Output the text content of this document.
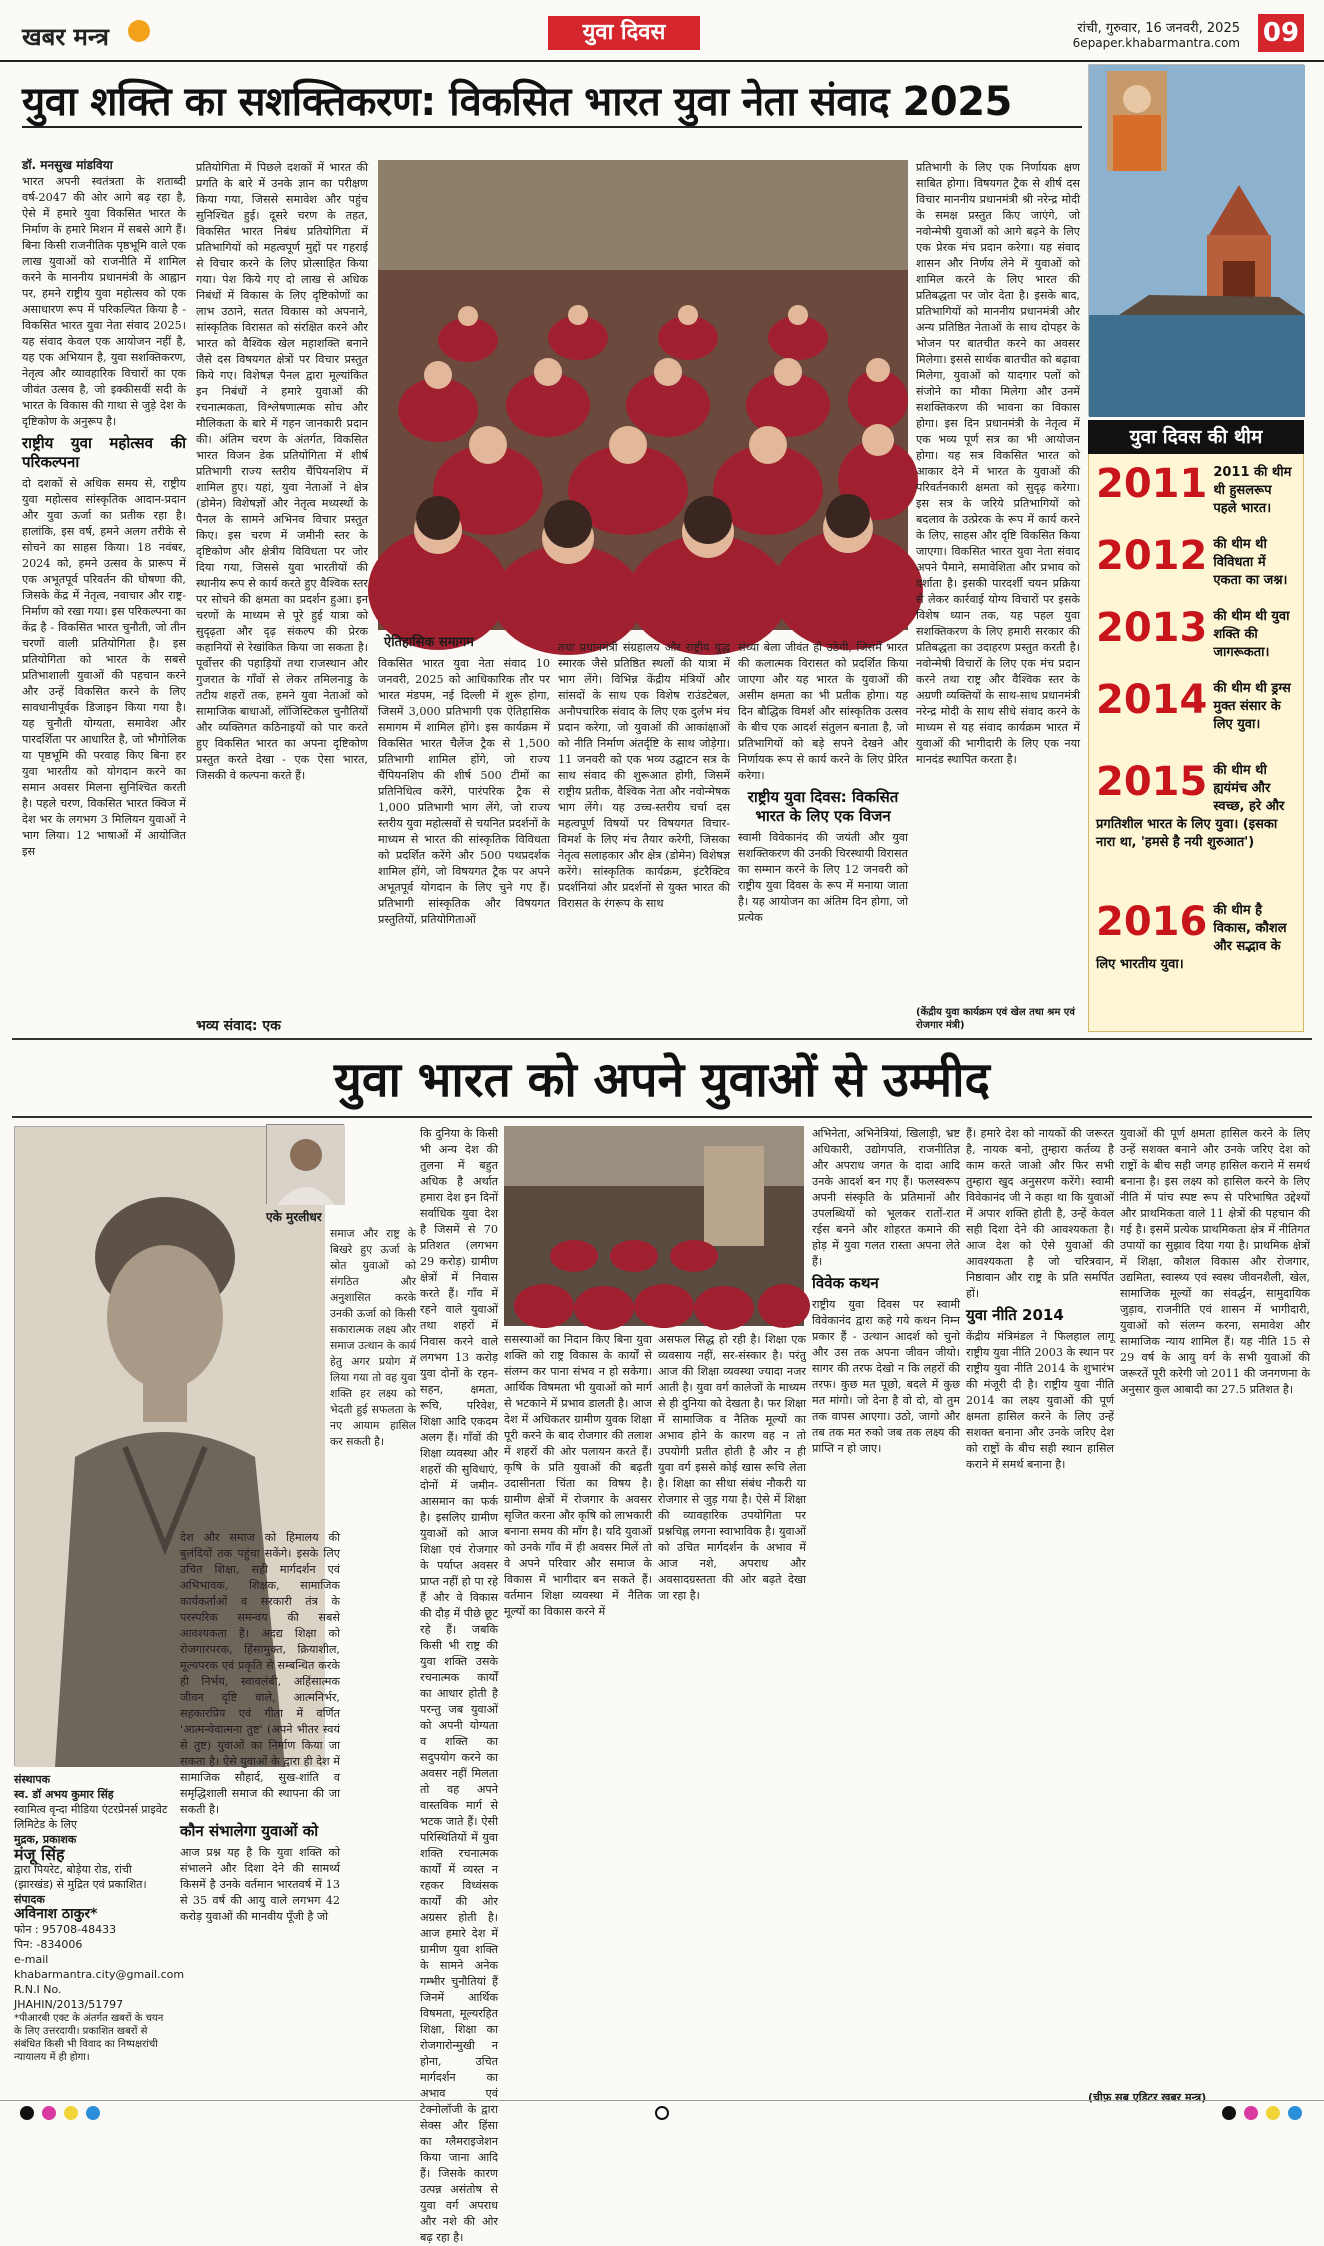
खबर मन्त्र	युवा दिवस	रांची, गुरुवार, 16 जनवरी, 2025
6epaper.khabarmantra.com 09
युवा शक्ति का सशक्तिकरण: विकसित भारत युवा नेता संवाद 2025
डॉ. मनसुख मांडविया

भारत अपनी स्वतंत्रता के शताब्दी वर्ष-2047 की ओर आगे बढ़ रहा है, ऐसे में हमारे युवा विकसित भारत के निर्माण के हमारे मिशन में सबसे आगे हैं। बिना किसी राजनीतिक पृष्ठभूमि वाले एक लाख युवाओं को राजनीति में शामिल करने के माननीय प्रधानमंत्री के आह्वान पर, हमने राष्ट्रीय युवा महोत्सव को एक असाधारण रूप में परिकल्पित किया है - विकसित भारत युवा नेता संवाद 2025। यह संवाद केवल एक आयोजन नहीं है, यह एक अभियान है, युवा सशक्तिकरण, नेतृत्व और व्यावहारिक विचारों का एक जीवंत उत्सव है, जो इक्कीसवीं सदी के भारत के विकास की गाथा से जुड़े देश के दृष्टिकोण के अनुरूप है।

राष्ट्रीय युवा महोत्सव की परिकल्पना

दो दशकों से अधिक समय से, राष्ट्रीय युवा महोत्सव सांस्कृतिक आदान-प्रदान और युवा ऊर्जा का प्रतीक रहा है। हालांकि, इस वर्ष, हमने अलग तरीके से सोचने का साहस किया। 18 नवंबर, 2024 को, हमने उत्सव के प्रारूप में एक अभूतपूर्व परिवर्तन की घोषणा की, जिसके केंद्र में नेतृत्व, नवाचार और राष्ट्र-निर्माण को रखा गया। इस परिकल्पना का केंद्र है - विकसित भारत चुनौती, जो तीन चरणों वाली प्रतियोगिता है। इस प्रतियोगिता को भारत के सबसे प्रतिभाशाली युवाओं की पहचान करने और उन्हें विकसित करने के लिए सावधानीपूर्वक डिजाइन किया गया है। यह चुनौती योग्यता, समावेश और पारदर्शिता पर आधारित है, जो भौगोलिक या पृष्ठभूमि की परवाह किए बिना हर युवा भारतीय को योगदान करने का समान अवसर मिलना सुनिश्चित करती है। पहले चरण, विकसित भारत क्विज में देश भर के लगभग 3 मिलियन युवाओं ने भाग लिया। 12 भाषाओं में आयोजित इस

प्रतियोगिता में पिछले दशकों में भारत की प्रगति के बारे में उनके ज्ञान का परीक्षण किया गया, जिससे समावेश और पहुंच सुनिश्चित हुई। दूसरे चरण के तहत, विकसित भारत निबंध प्रतियोगिता में प्रतिभागियों को महत्वपूर्ण मुद्दों पर गहराई से विचार करने के लिए प्रोत्साहित किया गया। पेश किये गए दो लाख से अधिक निबंधों में विकास के लिए दृष्टिकोणों का लाभ उठाने, सतत विकास को अपनाने, सांस्कृतिक विरासत को संरक्षित करने और भारत को वैश्विक खेल महाशक्ति बनाने जैसे दस विषयगत क्षेत्रों पर विचार प्रस्तुत किये गए। विशेषज्ञ पैनल द्वारा मूल्यांकित इन निबंधों ने हमारे युवाओं की रचनात्मकता, विश्लेषणात्मक सोच और मौलिकता के बारे में गहन जानकारी प्रदान की। अंतिम चरण के अंतर्गत, विकसित भारत विजन डेक प्रतियोगिता में शीर्ष प्रतिभागी राज्य स्तरीय चैंपियनशिप में शामिल हुए। यहां, युवा नेताओं ने क्षेत्र (डोमेन) विशेषज्ञों और नेतृत्व मध्यस्थों के पैनल के सामने अभिनव विचार प्रस्तुत किए। इस चरण में जमीनी स्तर के दृष्टिकोण और क्षेत्रीय विविधता पर जोर दिया गया, जिससे युवा भारतीयों की स्थानीय रूप से कार्य करते हुए वैश्विक स्तर पर सोचने की क्षमता का प्रदर्शन हुआ। इन चरणों के माध्यम से पूरे हुई यात्रा को सुदृढ़ता और दृढ़ संकल्प की प्रेरक कहानियों से रेखांकित किया जा सकता है। पूर्वोत्तर की पहाड़ियों तथा राजस्थान और गुजरात के गाँवों से लेकर तमिलनाडु के तटीय शहरों तक, हमने युवा नेताओं को सामाजिक बाधाओं, लॉजिस्टिकल चुनौतियों और व्यक्तिगत कठिनाइयों को पार करते हुए विकसित भारत का अपना दृष्टिकोण प्रस्तुत करते देखा - एक ऐसा भारत, जिसकी वे कल्पना करते हैं।

भव्य संवाद: एक
ऐतिहासिक समागम

विकसित भारत युवा नेता संवाद 10 जनवरी, 2025 को आधिकारिक तौर पर भारत मंडपम, नई दिल्ली में शुरू होगा, जिसमें 3,000 प्रतिभागी एक ऐतिहासिक समागम में शामिल होंगे। इस कार्यक्रम में विकसित भारत चैलेंज ट्रैक से 1,500 प्रतिभागी शामिल होंगे, जो राज्य चैंपियनशिप की शीर्ष 500 टीमों का प्रतिनिधित्व करेंगे, पारंपरिक ट्रैक से 1,000 प्रतिभागी भाग लेंगे, जो राज्य स्तरीय युवा महोत्सवों से चयनित प्रदर्शनों के माध्यम से भारत की सांस्कृतिक विविधता को प्रदर्शित करेंगे और 500 पथप्रदर्शक शामिल होंगे, जो विषयगत ट्रैक पर अपने अभूतपूर्व योगदान के लिए चुने गए हैं। प्रतिभागी सांस्कृतिक और विषयगत प्रस्तुतियों, प्रतियोगिताओं

तथा प्रधानमंत्री संग्रहालय और राष्ट्रीय युद्ध स्मारक जैसे प्रतिष्ठित स्थलों की यात्रा में भाग लेंगे। विभिन्न केंद्रीय मंत्रियों और सांसदों के साथ एक विशेष राउंडटेबल, अनौपचारिक संवाद के लिए एक दुर्लभ मंच प्रदान करेगा, जो युवाओं की आकांक्षाओं को नीति निर्माण अंतर्दृष्टि के साथ जोड़ेगा। 11 जनवरी को एक भव्य उद्घाटन सत्र के साथ संवाद की शुरूआत होगी, जिसमें राष्ट्रीय प्रतीक, वैश्विक नेता और नवोन्मेषक भाग लेंगे। यह उच्च-स्तरीय चर्चा दस महत्वपूर्ण विषयों पर विषयगत विचार-विमर्श के लिए मंच तैयार करेगी, जिसका नेतृत्व सलाहकार और क्षेत्र (डोमेन) विशेषज्ञ करेंगे। सांस्कृतिक कार्यक्रम, इंटरैक्टिव प्रदर्शनियां और प्रदर्शनों से युक्त भारत की विरासत के रंगरूप के साथ

संध्या बेला जीवंत हो उठेगी, जिसमें भारत की कलात्मक विरासत को प्रदर्शित किया जाएगा और यह भारत के युवाओं की असीम क्षमता का भी प्रतीक होगा। यह दिन बौद्धिक विमर्श और सांस्कृतिक उत्सव के बीच एक आदर्श संतुलन बनाता है, जो प्रतिभागियों को बड़े सपने देखने और निर्णायक रूप से कार्य करने के लिए प्रेरित करेगा।

राष्ट्रीय युवा दिवस: विकसित भारत के लिए एक विजन

स्वामी विवेकानंद की जयंती और युवा सशक्तिकरण की उनकी चिरस्थायी विरासत का सम्मान करने के लिए 12 जनवरी को राष्ट्रीय युवा दिवस के रूप में मनाया जाता है। यह आयोजन का अंतिम दिन होगा, जो प्रत्येक

प्रतिभागी के लिए एक निर्णायक क्षण साबित होगा। विषयगत ट्रैक से शीर्ष दस विचार माननीय प्रधानमंत्री श्री नरेन्द्र मोदी के समक्ष प्रस्तुत किए जाएंगे, जो नवोन्मेषी युवाओं को आगे बढ़ने के लिए एक प्रेरक मंच प्रदान करेगा। यह संवाद शासन और निर्णय लेने में युवाओं को शामिल करने के लिए भारत की प्रतिबद्धता पर जोर देता है। इसके बाद, प्रतिभागियों को माननीय प्रधानमंत्री और अन्य प्रतिष्ठित नेताओं के साथ दोपहर के भोजन पर बातचीत करने का अवसर मिलेगा। इससे सार्थक बातचीत को बढ़ावा मिलेगा, युवाओं को यादगार पलों को संजोने का मौका मिलेगा और उनमें सशक्तिकरण की भावना का विकास होगा। इस दिन प्रधानमंत्री के नेतृत्व में एक भव्य पूर्ण सत्र का भी आयोजन होगा। यह सत्र विकसित भारत को आकार देने में भारत के युवाओं की परिवर्तनकारी क्षमता को सुदृढ़ करेगा। इस सत्र के जरिये प्रतिभागियों को बदलाव के उत्प्रेरक के रूप में कार्य करने के लिए, साहस और दृष्टि विकसित किया जाएगा। विकसित भारत युवा नेता संवाद अपने पैमाने, समावेशिता और प्रभाव को दर्शाता है। इसकी पारदर्शी चयन प्रक्रिया से लेकर कार्रवाई योग्य विचारों पर इसके विशेष ध्यान तक, यह पहल युवा सशक्तिकरण के लिए हमारी सरकार की प्रतिबद्धता का उदाहरण प्रस्तुत करती है। नवोन्मेषी विचारों के लिए एक मंच प्रदान करने तथा राष्ट्र और वैश्विक स्तर के अग्रणी व्यक्तियों के साथ-साथ प्रधानमंत्री नरेन्द्र मोदी के साथ सीधे संवाद करने के माध्यम से यह संवाद कार्यक्रम भारत में युवाओं की भागीदारी के लिए एक नया मानदंड स्थापित करता है।

(केंद्रीय युवा कार्यक्रम एवं खेल तथा श्रम एवं रोजगार मंत्री)
युवा दिवस की थीम
2011 2011 की थीम थी हुसलरूप पहले भारत।
2012 की थीम थी विविधता में एकता का जश्न।
2013 की थीम थी युवा शक्ति की जागरूकता।
2014 की थीम थी ड्रग्स मुक्त संसार के लिए युवा।
2015 की थीम थी ह्ययंमंच और स्वच्छ, हरे और प्रगतिशील भारत के लिए युवा। (इसका नारा था, 'हमसे है नयी शुरुआत')
2016 की थीम है विकास, कौशल और सद्भाव के लिए भारतीय युवा।
युवा भारत को अपने युवाओं से उम्मीद
एके मुरलीधर

समाज और राष्ट्र के बिखरे हुए ऊर्जा के स्रोत युवाओं को संगठित और अनुशासित करके उनकी ऊर्जा को किसी सकारात्मक लक्ष्य और समाज उत्थान के कार्य हेतु अगर प्रयोग में लिया गया तो वह युवा शक्ति हर लक्ष्य को भेदती हुई सफलता के नए आयाम हासिल कर सकती है।

देश और समाज को हिमालय की बुलंदियों तक पहुंचा सकेंगे। इसके लिए उचित शिक्षा, सही मार्गदर्शन एवं अभिभावक, शिक्षक, सामाजिक कार्यकर्ताओं व सरकारी तंत्र के परस्परिक समन्वय की सबसे आवश्यकता है। अदद्य शिक्षा को रोजगारपरक, हिंसामुक्त, क्रियाशील, मूल्यपरक एवं प्रकृति से सम्बन्धित करके ही निर्भय, स्वावलंबी, अहिंसात्मक जीवन दृष्टि वाले, आत्मनिर्भर, सहकारप्रिय एवं गीता में वर्णित 'आत्मन्येवात्मना तुष्ट' (अपने भीतर स्वयं से तुष्ट) युवाओं का निर्माण किया जा सकता है। ऐसे युवाओं के द्वारा ही देश में सामाजिक सौहार्द, सुख-शांति व समृद्धिशाली समाज की स्थापना की जा सकती है।

कौन संभालेगा युवाओं को

आज प्रश्न यह है कि युवा शक्ति को संभालने और दिशा देने की सामर्थ्य किसमें है उनके वर्तमान भारतवर्ष में 13 से 35 वर्ष की आयु वाले लगभग 42 करोड़ युवाओं की मानवीय पूँजी है जो

कि दुनिया के किसी भी अन्य देश की तुलना में बहुत अधिक है अर्थात हमारा देश इन दिनों सर्वाधिक युवा देश है जिसमें से 70 प्रतिशत (लगभग 29 करोड़) ग्रामीण क्षेत्रों में निवास करते हैं। गाँव में रहने वाले युवाओं तथा शहरों में निवास करने वाले लगभग 13 करोड़ युवा दोनों के रहन-सहन, क्षमता, रूचि, परिवेश, शिक्षा आदि एकदम अलग हैं। गाँवों की शिक्षा व्यवस्था और शहरों की सुविधाएं, दोनों में जमीन-आसमान का फर्क है। इसलिए ग्रामीण युवाओं को आज शिक्षा एवं रोजगार के पर्याप्त अवसर प्राप्त नहीं हो पा रहे हैं और वे विकास की दौड़ में पीछे छूट रहे हैं। जबकि किसी भी राष्ट्र की युवा शक्ति उसके रचनात्मक कार्यों का आधार होती है परन्तु जब युवाओं को अपनी योग्यता व शक्ति का सदुपयोग करने का अवसर नहीं मिलता तो वह अपने वास्तविक मार्ग से भटक जाते हैं। ऐसी परिस्थितियों में युवा शक्ति रचनात्मक कार्यों में व्यस्त न रहकर विध्वंसक कार्यों की ओर अग्रसर होती है। आज हमारे देश में ग्रामीण युवा शक्ति के सामने अनेक गम्भीर चुनौतियां हैं जिनमें आर्थिक विषमता, मूल्यरहित शिक्षा, शिक्षा का रोजगारोन्मुखी न होना, उचित मार्गदर्शन का अभाव एवं टेक्नोलॉजी के द्वारा सेक्स और हिंसा का ग्लैमराइजेशन किया जाना आदि हैं। जिसके कारण उत्पन्न असंतोष से युवा वर्ग अपराध और नशे की ओर बढ़ रहा है।

ससस्याओं का निदान किए बिना युवा शक्ति को राष्ट्र विकास के कार्यों से संलग्न कर पाना संभव न हो सकेगा। आर्थिक विषमता भी युवाओं को मार्ग से भटकाने में प्रभाव डालती है। आज देश में अधिकतर ग्रामीण युवक शिक्षा पूरी करने के बाद रोजगार की तलाश में शहरों की ओर पलायन करते हैं। कृषि के प्रति युवाओं की बढ़ती उदासीनता चिंता का विषय है। ग्रामीण क्षेत्रों में रोजगार के अवसर सृजित करना और कृषि को लाभकारी बनाना समय की माँग है। यदि युवाओं को उनके गाँव में ही अवसर मिलें तो वे अपने परिवार और समाज के विकास में भागीदार बन सकते हैं। वर्तमान शिक्षा व्यवस्था में नैतिक मूल्यों का विकास करने में

असफल सिद्ध हो रही है। शिक्षा एक व्यवसाय नहीं, सर-संस्कार है। परंतु आज की शिक्षा व्यवस्था ज्यादा नजर आती है। युवा वर्ग कालेजों के माध्यम से ही दुनिया को देखता है। फर शिक्षा में सामाजिक व नैतिक मूल्यों का अभाव होने के कारण वह न तो उपयोगी प्रतीत होती है और न ही युवा वर्ग इससे कोई खास रूचि लेता है। शिक्षा का सीधा संबंध नौकरी या रोजगार से जुड़ गया है। ऐसे में शिक्षा की व्यावहारिक उपयोगिता पर प्रश्नचिह्न लगना स्वाभाविक है। युवाओं को उचित मार्गदर्शन के अभाव में आज नशे, अपराध और अवसादग्रस्तता की ओर बढ़ते देखा जा रहा है।

अभिनेता, अभिनेत्रियां, खिलाड़ी, भ्रष्ट अधिकारी, उद्योगपति, राजनीतिज्ञ और अपराध जगत के दादा आदि उनके आदर्श बन गए हैं। फलस्वरूप अपनी संस्कृति के प्रतिमानों और उपलब्धियों को भूलकर रातों-रात रईस बनने और शोहरत कमाने की होड़ में युवा गलत रास्ता अपना लेते हैं।

विवेक कथन

राष्ट्रीय युवा दिवस पर स्वामी विवेकानंद द्वारा कहे गये कथन निम्न प्रकार हैं - उत्थान आदर्श को चुनो और उस तक अपना जीवन जीयो। सागर की तरफ देखो न कि लहरों की तरफ। कुछ मत पूछो, बदले में कुछ मत मांगो। जो देना है वो दो, वो तुम तक वापस आएगा। उठो, जागो और तब तक मत रुको जब तक लक्ष्य की प्राप्ति न हो जाए।

हैं। हमारे देश को नायकों की जरूरत है, नायक बनो, तुम्हारा कर्तव्य है काम करते जाओ और फिर सभी तुम्हारा खुद अनुसरण करेंगे। स्वामी विवेकानंद जी ने कहा था कि युवाओं में अपार शक्ति होती है, उन्हें केवल सही दिशा देने की आवश्यकता है। आज देश को ऐसे युवाओं की आवश्यकता है जो चरित्रवान, निष्ठावान और राष्ट्र के प्रति समर्पित हों।

युवा नीति 2014

केंद्रीय मंत्रिमंडल ने फिलहाल लागू राष्ट्रीय युवा नीति 2003 के स्थान पर राष्ट्रीय युवा नीति 2014 के शुभारंभ की मंजूरी दी है। राष्ट्रीय युवा नीति 2014 का लक्ष्य युवाओं की पूर्ण क्षमता हासिल करने के लिए उन्हें सशक्त बनाना और उनके जरिए देश को राष्ट्रों के बीच सही स्थान हासिल कराने में समर्थ बनाना है।

युवाओं की पूर्ण क्षमता हासिल करने के लिए उन्हें सशक्त बनाने और उनके जरिए देश को राष्ट्रों के बीच सही जगह हासिल कराने में समर्थ बनाना है। इस लक्ष्य को हासिल करने के लिए नीति में पांच स्पष्ट रूप से परिभाषित उद्देश्यों और प्राथमिकता वाले 11 क्षेत्रों की पहचान की गई है। इसमें प्रत्येक प्राथमिकता क्षेत्र में नीतिगत उपायों का सुझाव दिया गया है। प्राथमिक क्षेत्रों में शिक्षा, कौशल विकास और रोजगार, उद्यमिता, स्वास्थ्य एवं स्वस्थ जीवनशैली, खेल, सामाजिक मूल्यों का संवर्द्धन, सामुदायिक जुड़ाव, राजनीति एवं शासन में भागीदारी, युवाओं को संलग्न करना, समावेश और सामाजिक न्याय शामिल हैं। यह नीति 15 से 29 वर्ष के आयु वर्ग के सभी युवाओं की जरूरतें पूरी करेगी जो 2011 की जनगणना के अनुसार कुल आबादी का 27.5 प्रतिशत है।

(चीफ़ सब एडिटर खबर मन्त्र)
संस्थापक
स्व. डॉ अभय कुमार सिंह
स्वामित्व वृन्दा मीडिया एंटरप्रेनर्स प्राइवेट लिमिटेड के लिए
मुद्रक, प्रकाशक
मंजू सिंह
द्वारा पियरेट, बोड़ेया रोड, रांची (झारखंड) से मुद्रित एवं प्रकाशित।
संपादक
अविनाश ठाकुर*
फोन : 95708-48433
पिन: -834006
e-mail
khabarmantra.city@gmail.com
R.N.I No.
JHAHIN/2013/51797
*पीआरबी एक्ट के अंतर्गत खबरों के चयन के लिए उत्तरदायी। प्रकाशित खबरों से संबंधित किसी भी विवाद का निष्पक्षरांची न्यायालय में ही होगा।
